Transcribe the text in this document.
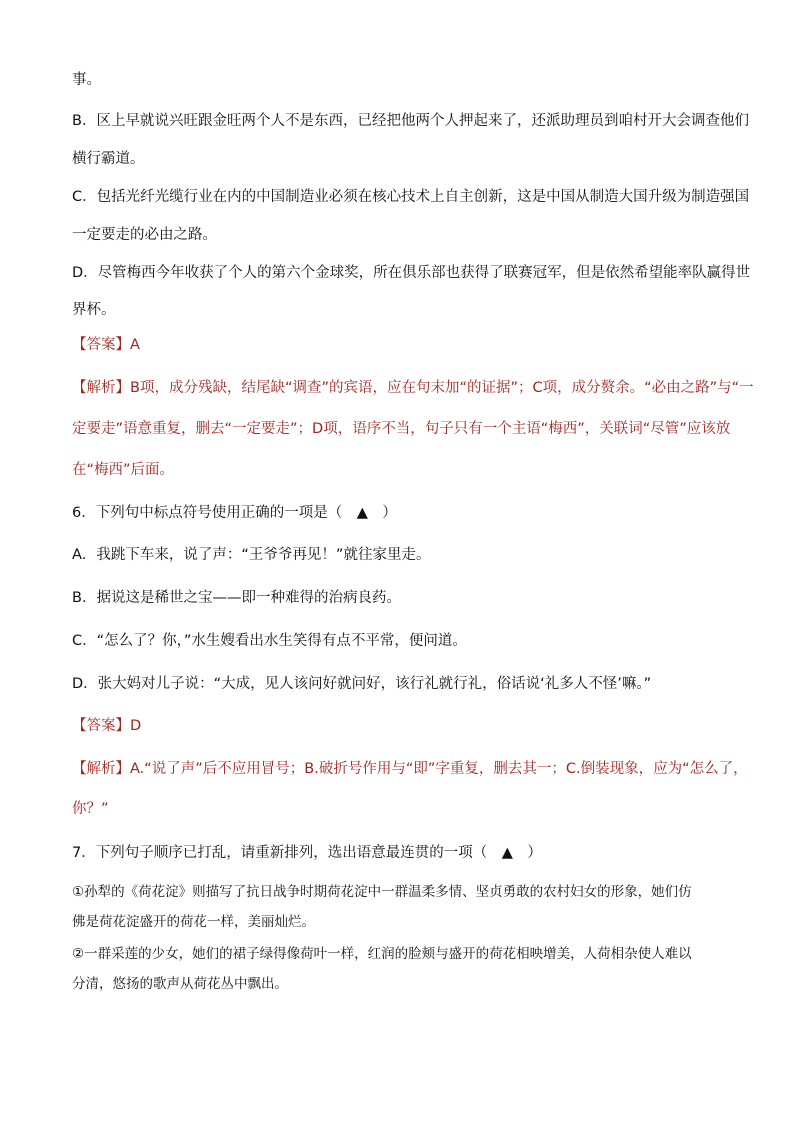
事。
B．区上早就说兴旺跟金旺两个人不是东西，已经把他两个人押起来了，还派助理员到咱村开大会调查他们
横行霸道。
C．包括光纤光缆行业在内的中国制造业必须在核心技术上自主创新，这是中国从制造大国升级为制造强国
一定要走的必由之路。
D．尽管梅西今年收获了个人的第六个金球奖，所在俱乐部也获得了联赛冠军，但是依然希望能率队赢得世
界杯。
【答案】A
【解析】B项，成分残缺，结尾缺“调查”的宾语，应在句末加“的证据”；C项，成分赘余。“必由之路”与“一
定要走”语意重复，删去“一定要走”；D项，语序不当，句子只有一个主语“梅西”，关联词“尽管”应该放
在“梅西”后面。
6．下列句中标点符号使用正确的一项是（　▲　）
A．我跳下车来，说了声：“王爷爷再见！”就往家里走。
B．据说这是稀世之宝——即一种难得的治病良药。
C．“怎么了？你，”水生嫂看出水生笑得有点不平常，便问道。
D．张大妈对儿子说：“大成，见人该问好就问好，该行礼就行礼，俗话说‘礼多人不怪’嘛。”
【答案】D
【解析】A.“说了声”后不应用冒号；B.破折号作用与“即”字重复，删去其一；C.倒装现象，应为“怎么了，
你？”
7．下列句子顺序已打乱，请重新排列，选出语意最连贯的一项（　▲　）
①孙犁的《荷花淀》则描写了抗日战争时期荷花淀中一群温柔多情、坚贞勇敢的农村妇女的形象，她们仿
佛是荷花淀盛开的荷花一样，美丽灿烂。
②一群采莲的少女，她们的裙子绿得像荷叶一样，红润的脸颊与盛开的荷花相映增美，人荷相杂使人难以
分清，悠扬的歌声从荷花丛中飘出。
